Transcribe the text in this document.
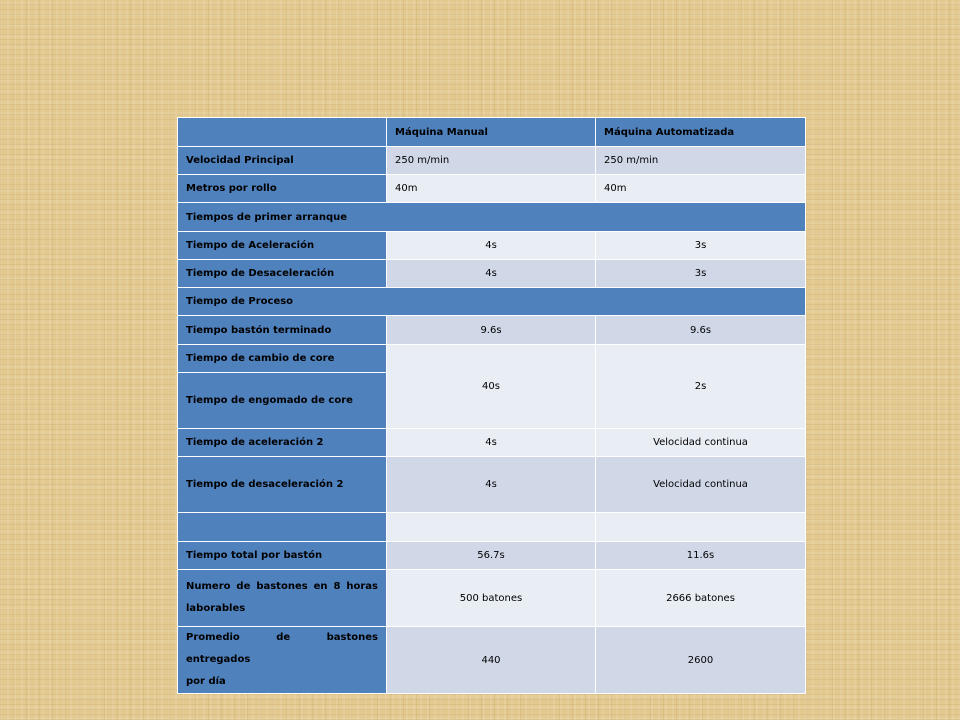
	Máquina Manual	Máquina Automatizada
Velocidad Principal	250 m/min	250 m/min
Metros por rollo	40m	40m
Tiempos de primer arranque		
Tiempo de Aceleración	4s	3s
Tiempo de Desaceleración	4s	3s
Tiempo de Proceso		
Tiempo bastón terminado	9.6s	9.6s
Tiempo de cambio de core	40s	2s
Tiempo de engomado de core		
Tiempo de aceleración 2	4s	Velocidad continua
Tiempo de desaceleración 2	4s	Velocidad continua

Tiempo total por bastón	56.7s	11.6s

Numero de bastones en 8 horas
laborables	500 batones	2666 batones

Promedio de bastones entregados
por día	440	2600
